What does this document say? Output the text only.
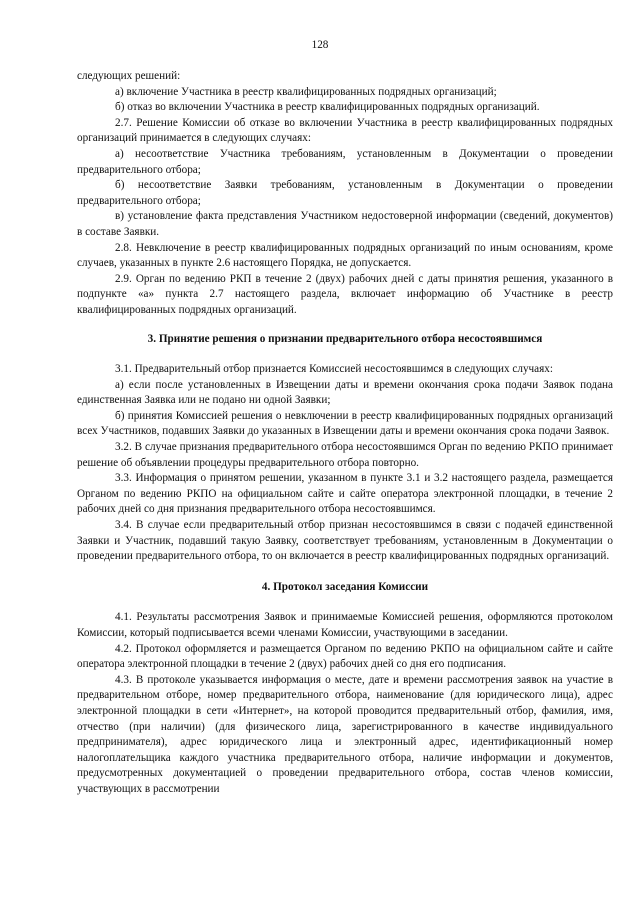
128

следующих решений:

а) включение Участника в реестр квалифицированных подрядных организаций;

б) отказ во включении Участника в реестр квалифицированных подрядных организаций.

2.7. Решение Комиссии об отказе во включении Участника в реестр квалифицированных подрядных организаций принимается в следующих случаях:

а) несоответствие Участника требованиям, установленным в Документации о проведении предварительного отбора;

б) несоответствие Заявки требованиям, установленным в Документации о проведении предварительного отбора;

в) установление факта представления Участником недостоверной информации (сведений, документов) в составе Заявки.

2.8. Невключение в реестр квалифицированных подрядных организаций по иным основаниям, кроме случаев, указанных в пункте 2.6 настоящего Порядка, не допускается.

2.9. Орган по ведению РКП в течение 2 (двух) рабочих дней с даты принятия решения, указанного в подпункте «а» пункта 2.7 настоящего раздела, включает информацию об Участнике в реестр квалифицированных подрядных организаций.

3. Принятие решения о признании предварительного отбора несостоявшимся

3.1. Предварительный отбор признается Комиссией несостоявшимся в следующих случаях:

а) если после установленных в Извещении даты и времени окончания срока подачи Заявок подана единственная Заявка или не подано ни одной Заявки;

б) принятия Комиссией решения о невключении в реестр квалифицированных подрядных организаций всех Участников, подавших Заявки до указанных в Извещении даты и времени окончания срока подачи Заявок.

3.2. В случае признания предварительного отбора несостоявшимся Орган по ведению РКПО принимает решение об объявлении процедуры предварительного отбора повторно.

3.3. Информация о принятом решении, указанном в пункте 3.1 и 3.2 настоящего раздела, размещается Органом по ведению РКПО на официальном сайте и сайте оператора электронной площадки, в течение 2 рабочих дней со дня признания предварительного отбора несостоявшимся.

3.4. В случае если предварительный отбор признан несостоявшимся в связи с подачей единственной Заявки и Участник, подавший такую Заявку, соответствует требованиям, установленным в Документации о проведении предварительного отбора, то он включается в реестр квалифицированных подрядных организаций.

4. Протокол заседания Комиссии

4.1. Результаты рассмотрения Заявок и принимаемые Комиссией решения, оформляются протоколом Комиссии, который подписывается всеми членами Комиссии, участвующими в заседании.

4.2. Протокол оформляется и размещается Органом по ведению РКПО на официальном сайте и сайте оператора электронной площадки в течение 2 (двух) рабочих дней со дня его подписания.

4.3. В протоколе указывается информация о месте, дате и времени рассмотрения заявок на участие в предварительном отборе, номер предварительного отбора, наименование (для юридического лица), адрес электронной площадки в сети «Интернет», на которой проводится предварительный отбор, фамилия, имя, отчество (при наличии) (для физического лица, зарегистрированного в качестве индивидуального предпринимателя), адрес юридического лица и электронный адрес, идентификационный номер налогоплательщика каждого участника предварительного отбора, наличие информации и документов, предусмотренных документацией о проведении предварительного отбора, состав членов комиссии, участвующих в рассмотрении
